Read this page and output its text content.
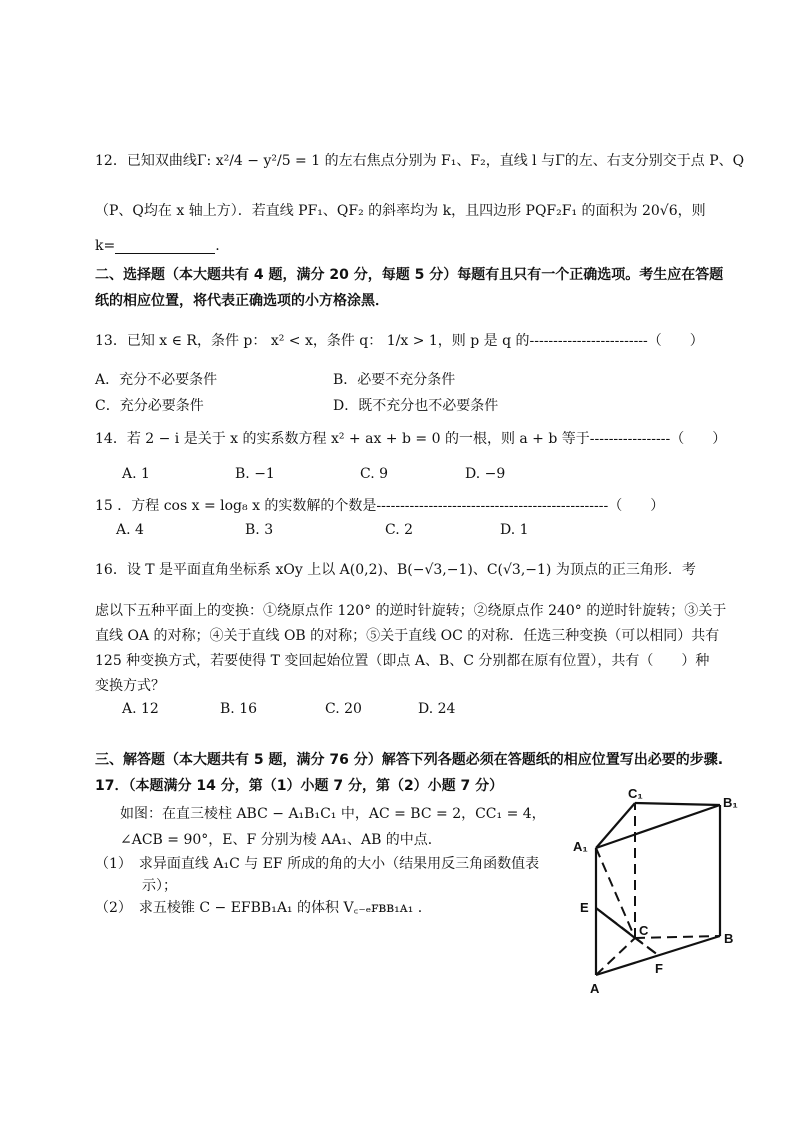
12．已知双曲线Γ: x²/4 − y²/5 = 1 的左右焦点分别为 F₁、F₂，直线 l 与Γ的左、右支分别交于点 P、Q
（P、Q均在 x 轴上方）．若直线 PF₁、QF₂ 的斜率均为 k，且四边形 PQF₂F₁ 的面积为 20√6，则
k=	.
二、选择题（本大题共有 4 题，满分 20 分，每题 5 分）每题有且只有一个正确选项。考生应在答题
纸的相应位置，将代表正确选项的小方格涂黑．
13．已知 x ∈ R，条件 p： x² < x，条件 q： 1/x > 1，则 p 是 q 的-------------------------（　　）
A．充分不必要条件	B．必要不充分条件
C．充分必要条件	D．既不充分也不必要条件
14．若 2 − i 是关于 x 的实系数方程 x² + ax + b = 0 的一根，则 a + b 等于-----------------（　　）
A. 1	B. −1	C. 9	D. −9
15 ．方程 cos x = log₈ x 的实数解的个数是-------------------------------------------------（　　）
A. 4	B. 3	C. 2	D. 1
16．设 T 是平面直角坐标系 xOy 上以 A(0,2)、B(−√3,−1)、C(√3,−1) 为顶点的正三角形．考
虑以下五种平面上的变换：①绕原点作 120° 的逆时针旋转；②绕原点作 240° 的逆时针旋转；③关于
直线 OA 的对称；④关于直线 OB 的对称；⑤关于直线 OC 的对称．任选三种变换（可以相同）共有
125 种变换方式，若要使得 T 变回起始位置（即点 A、B、C 分别都在原有位置），共有（　　）种
变换方式？
A. 12	B. 16	C. 20	D. 24
三、解答题（本大题共有 5 题，满分 76 分）解答下列各题必须在答题纸的相应位置写出必要的步骤.
17．（本题满分 14 分，第（1）小题 7 分，第（2）小题 7 分）
如图：在直三棱柱 ABC − A₁B₁C₁ 中，AC = BC = 2，CC₁ = 4，
∠ACB = 90°，E、F 分别为棱 AA₁、AB 的中点．
（1）　求异面直线 A₁C 与 EF 所成的角的大小（结果用反三角函数值表
示）；
（2）　求五棱锥 C − EFBB₁A₁ 的体积 V꜀₋ₑꜰʙʙ₁ᴀ₁ .
C₁
B₁
A₁
E
C
B
F
A
